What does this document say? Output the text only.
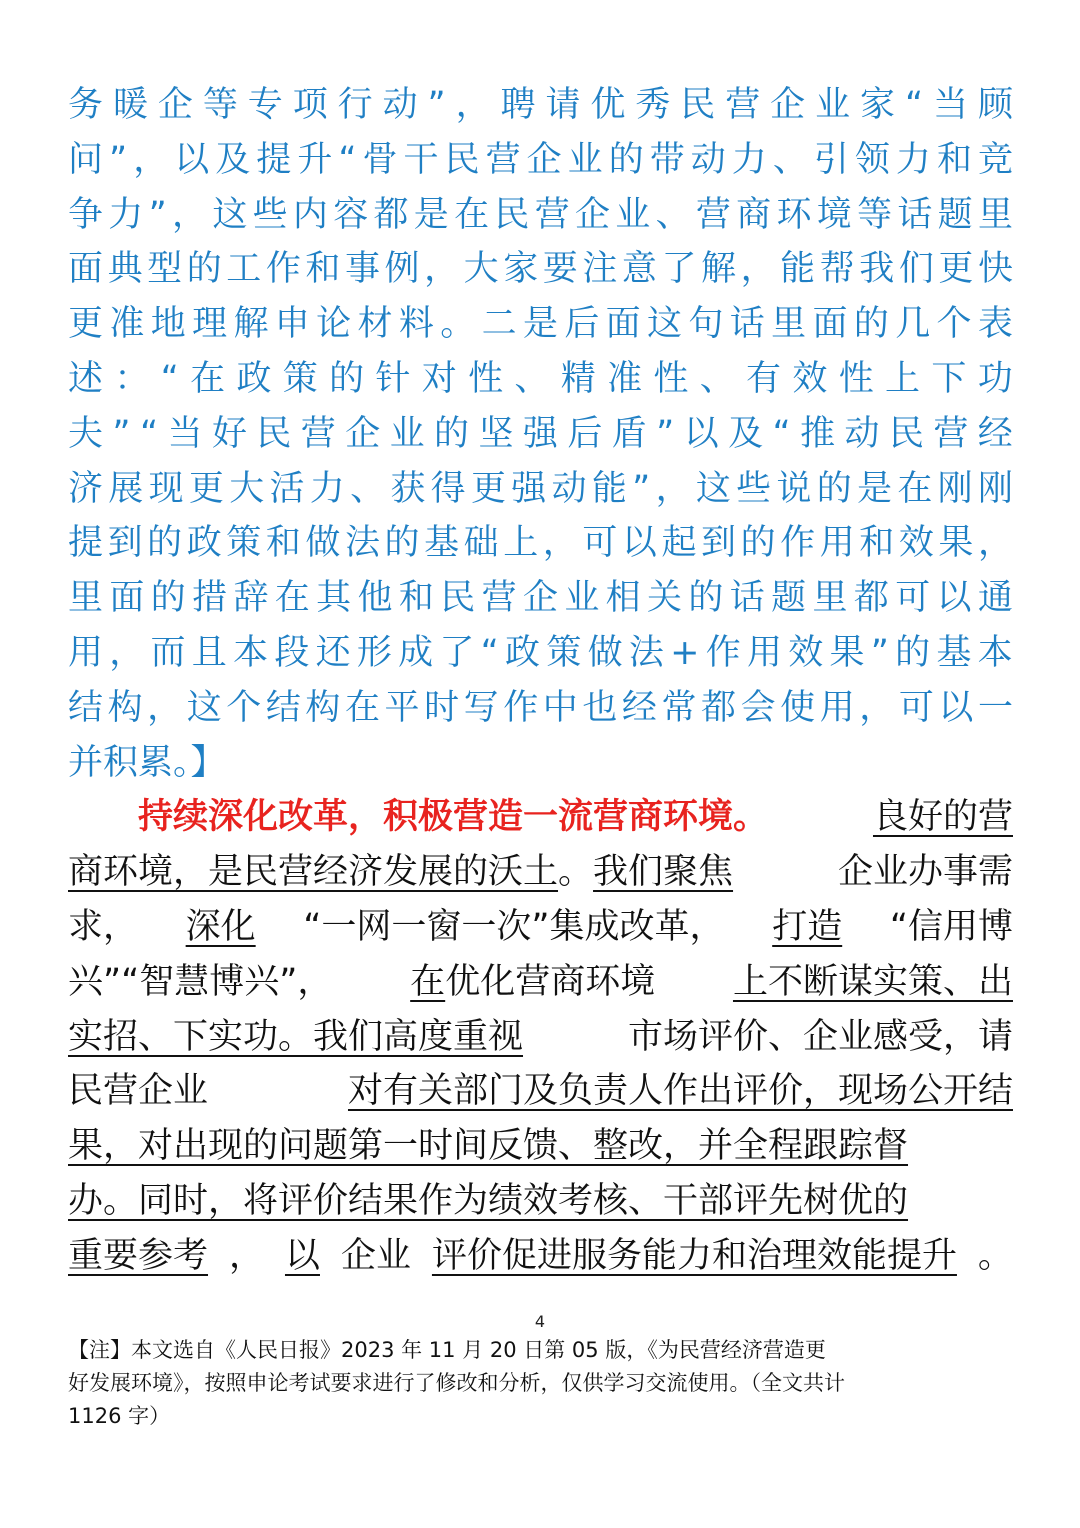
务 暖 企 等 专 项 行 动 ” ， 聘 请 优 秀 民 营 企 业 家 “ 当 顾
问 ” ， 以 及 提 升 “ 骨 干 民 营 企 业 的 带 动 力 、 引 领 力 和 竞
争 力 ” ， 这 些 内 容 都 是 在 民 营 企 业 、 营 商 环 境 等 话 题 里
面 典 型 的 工 作 和 事 例 ， 大 家 要 注 意 了 解 ， 能 帮 我 们 更 快
更 准 地 理 解 申 论 材 料 。 二 是 后 面 这 句 话 里 面 的 几 个 表
述 ： “ 在 政 策 的 针 对 性 、 精 准 性 、 有 效 性 上 下 功
夫 ” “ 当 好 民 营 企 业 的 坚 强 后 盾 ” 以 及 “ 推 动 民 营 经
济 展 现 更 大 活 力 、 获 得 更 强 动 能 ” ， 这 些 说 的 是 在 刚 刚
提 到 的 政 策 和 做 法 的 基 础 上 ， 可 以 起 到 的 作 用 和 效 果 ，
里 面 的 措 辞 在 其 他 和 民 营 企 业 相 关 的 话 题 里 都 可 以 通
用 ， 而 且 本 段 还 形 成 了 “ 政 策 做 法 + 作 用 效 果 ” 的 基 本
结 构 ， 这 个 结 构 在 平 时 写 作 中 也 经 常 都 会 使 用 ， 可 以 一
并积累。】
持续深化改革，积极营造一流营商环境。	良好的营
商环境，是民营经济发展的沃土。我们聚焦	企业办事需
求， 深化 “一网一窗一次”集成改革， 打造 “信用博
兴”“智慧博兴”， 在优化营商环境 上不断谋实策、出
实招、下实功。我们高度重视	市场评价、企业感受，请
民营企业	对有关部门及负责人作出评价，现场公开结
果，对出现的问题第一时间反馈、整改，并全程跟踪督
办。同时，将评价结果作为绩效考核、干部评先树优的
重要参考 ， 以 企业 评价促进服务能力和治理效能提升 。
4
【注】本文选自《人民日报》2023 年 11 月 20 日第 05 版，《为民营经济营造更
好发展环境》，按照申论考试要求进行了修改和分析，仅供学习交流使用。（全文共计
1126 字）
